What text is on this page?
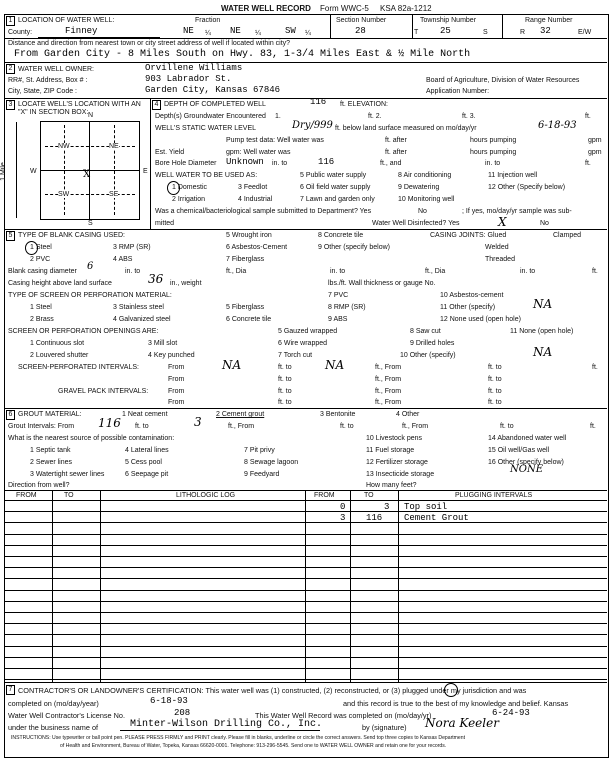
WATER WELL RECORD Form WWC-5 KSA 82a-1212
1 LOCATION OF WATER WELL:
County:	Finney
Fraction
NE ¼ NE ¼	SW ¼
Section Number
28
Township Number
T 25	S
Range Number
R 32	E/W
Distance and direction from nearest town or city street address of well if located within city?
From Garden City - 8 Miles South on Hwy. 83, 1-3/4 Miles East & ½ Mile North
2 WATER WELL OWNER:	Orvillene Williams
RR#, St. Address, Box # :	903 Labrador St.
City, State, ZIP Code :	Garden City, Kansas 67846
Board of Agriculture, Division of Water Resources
Application Number:
3 LOCATE WELL'S LOCATION WITH AN "X" IN SECTION BOX: N
S
W	E
1 Mile
NW	NE
SW	SE
X
4 DEPTH OF COMPLETED WELL	116 ft. ELEVATION:
Depth(s) Groundwater Encountered 1.	ft. 2.	ft. 3.	ft.
WELL'S STATIC WATER LEVEL	Dry/999 ft. below land surface measured on mo/day/yr	6-18-93
Pump test data: Well water was	ft. after	hours pumping	gpm
Est. Yield	gpm: Well water was	ft. after	hours pumping	gpm
Bore Hole Diameter Unknown in. to	116	ft., and	in. to	ft.
WELL WATER TO BE USED AS:
1 Domestic	3 Feedlot
5 Public water supply
6 Oil field water supply
8 Air conditioning
9 Dewatering
11 Injection well
12 Other (Specify below)
2 Irrigation	4 Industrial	7 Lawn and garden only	10 Monitoring well
Was a chemical/bacteriological sample submitted to Department? Yes	No	; If yes, mo/day/yr sample was sub-
mitted	Water Well Disinfected? Yes	X	No
5 TYPE OF BLANK CASING USED:
1 Steel	3 RMP (SR)
5 Wrought iron	8 Concrete tile
2 PVC	4 ABS
6 Asbestos-Cement	9 Other (specify below)
7 Fiberglass
CASING JOINTS: Glued	Clamped
Welded
Threaded
Blank casing diameter 6	in. to	ft., Dia	in. to	ft., Dia	in. to	ft.
Casing height above land surface	36 in., weight	lbs./ft. Wall thickness or gauge No.
TYPE OF SCREEN OR PERFORATION MATERIAL:
1 Steel	3 Stainless steel	5 Fiberglass
7 PVC	10 Asbestos-cement
2 Brass	4 Galvanized steel	6 Concrete tile
8 RMP (SR)
9 ABS
11 Other (specify)	NA
12 None used (open hole)
SCREEN OR PERFORATION OPENINGS ARE:
1 Continuous slot	3 Mill slot
5 Gauzed wrapped	8 Saw cut	11 None (open hole)
2 Louvered shutter	4 Key punched
6 Wire wrapped
7 Torch cut
9 Drilled holes
10 Other (specify)	NA
SCREEN-PERFORATED INTERVALS:	From	NA	ft. to	NA	ft., From	ft. to	ft.
From	ft. to	ft., From	ft. to
GRAVEL PACK INTERVALS:	From	ft. to	ft., From	ft. to
From	ft. to	ft., From	ft. to
6 GROUT MATERIAL:	1 Neat cement	2 Cement grout	3 Bentonite	4 Other
Grout Intervals: From 116 ft. to	3	ft., From	ft. to	ft., From	ft. to	ft.
What is the nearest source of possible contamination:
1 Septic tank	4 Lateral lines	7 Pit privy
10 Livestock pens	14 Abandoned water well
2 Sewer lines	5 Cess pool	8 Sewage lagoon
11 Fuel storage	15 Oil well/Gas well
3 Watertight sewer lines	6 Seepage pit	9 Feedyard
12 Fertilizer storage
13 Insecticide storage
16 Other (specify below)
NONE
Direction from well?	How many feet?
FROM	TO	LITHOLOGIC LOG	FROM	TO	PLUGGING INTERVALS
0	3 Top soil
3 116 Cement Grout
7 CONTRACTOR'S OR LANDOWNER'S CERTIFICATION: This water well was (1) constructed, (2) reconstructed, or (3) plugged under my jurisdiction and was
completed on (mo/day/year)	6-18-93	and this record is true to the best of my knowledge and belief. Kansas
Water Well Contractor's License No.	208	This Water Well Record was completed on (mo/day/yr)	6-24-93
under the business name of	Minter-Wilson Drilling Co., Inc.	by (signature) Nora Keeler
INSTRUCTIONS: Use typewriter or ball point pen. PLEASE PRESS FIRMLY and PRINT clearly. Please fill in blanks, underline or circle the correct answers. Send top three copies to Kansas Department
of Health and Environment, Bureau of Water, Topeka, Kansas 66620-0001. Telephone: 913-296-5545. Send one to WATER WELL OWNER and retain one for your records.
